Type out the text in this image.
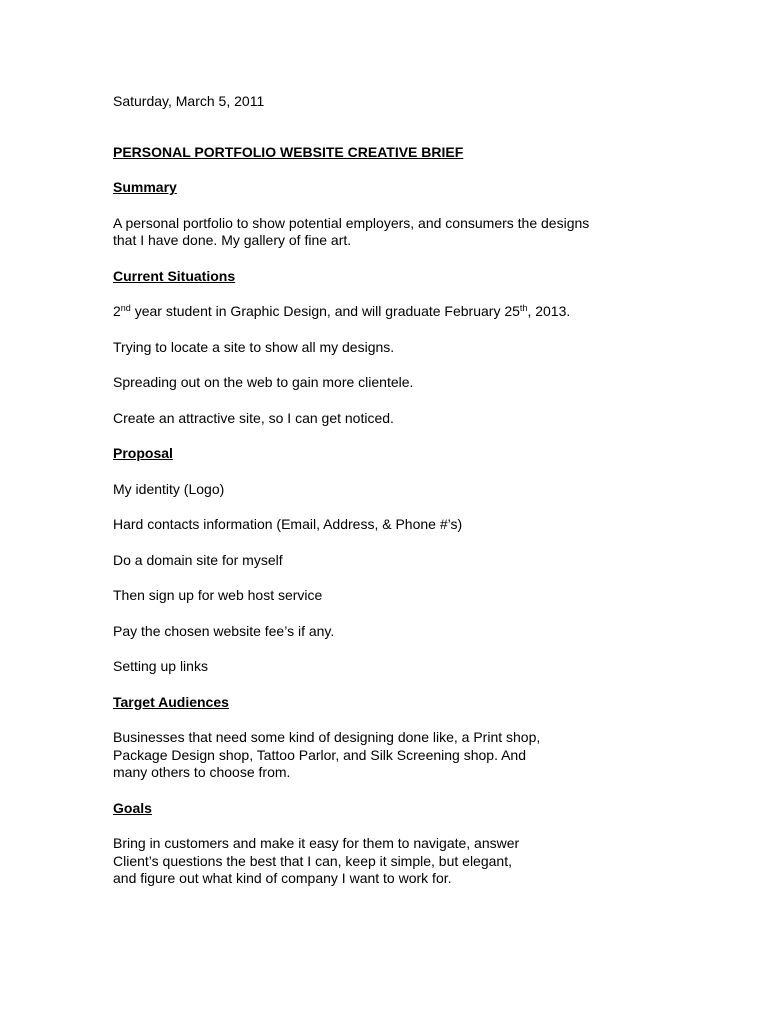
Saturday, March 5, 2011

PERSONAL PORTFOLIO WEBSITE CREATIVE BRIEF

Summary

A personal portfolio to show potential employers, and consumers the designs
that I have done. My gallery of fine art.

Current Situations

2nd year student in Graphic Design, and will graduate February 25th, 2013.

Trying to locate a site to show all my designs.

Spreading out on the web to gain more clientele.

Create an attractive site, so I can get noticed.

Proposal

My identity (Logo)

Hard contacts information (Email, Address, & Phone #’s)

Do a domain site for myself

Then sign up for web host service

Pay the chosen website fee’s if any.

Setting up links

Target Audiences

Businesses that need some kind of designing done like, a Print shop,
Package Design shop, Tattoo Parlor, and Silk Screening shop. And
many others to choose from.

Goals

Bring in customers and make it easy for them to navigate, answer
Client’s questions the best that I can, keep it simple, but elegant,
and figure out what kind of company I want to work for.
